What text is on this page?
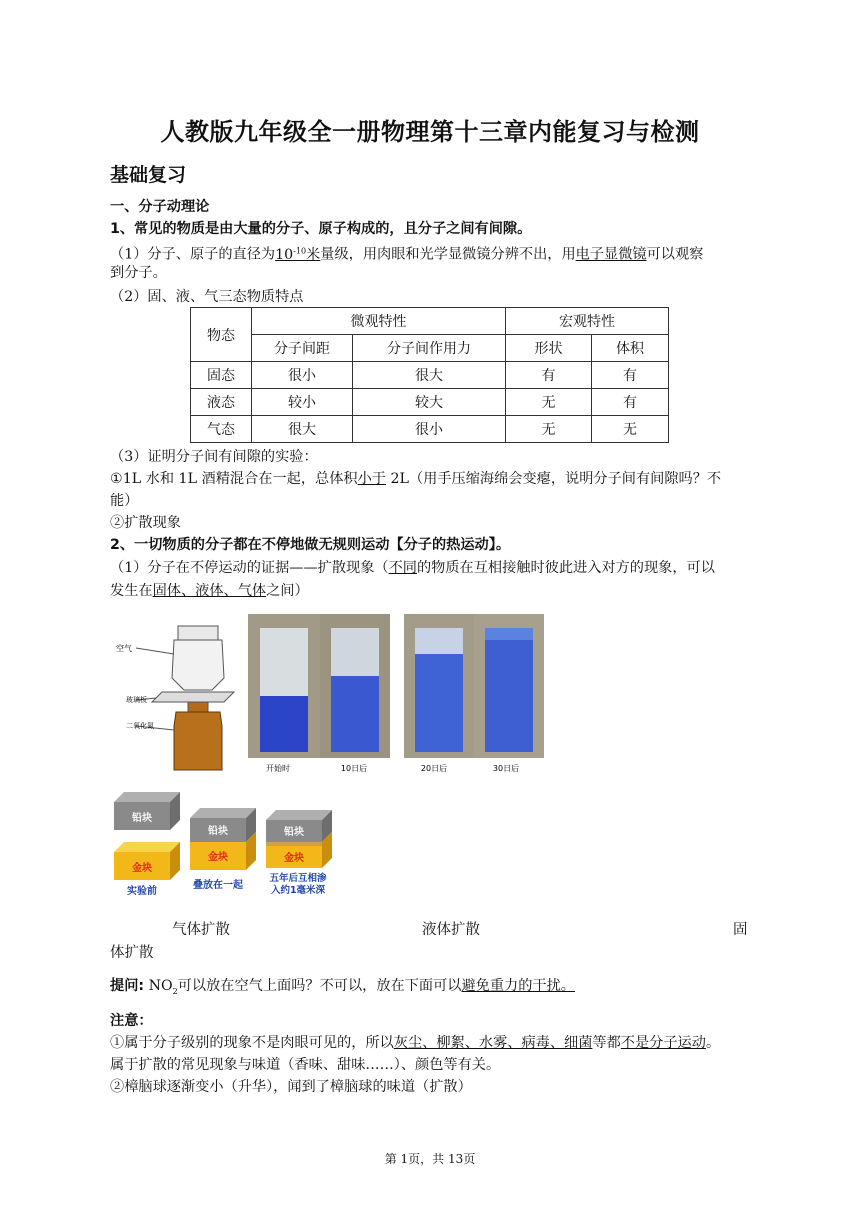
人教版九年级全一册物理第十三章内能复习与检测
基础复习
一、分子动理论
1、常见的物质是由大量的分子、原子构成的，且分子之间有间隙。
（1）分子、原子的直径为$10^{-10}$米量级，用肉眼和光学显微镜分辨不出，用电子显微镜可以观察
到分子。
（2）固、液、气三态物质特点
物态	微观特性		宏观特性	
	分子间距	分子间作用力	形状	体积
固态	很小	很大	有	有
液态	较小	较大	无	有
气态	很大	很小	无	无
（3）证明分子间有间隙的实验：
①1L 水和 1L 酒精混合在一起，总体积小于 2L（用手压缩海绵会变瘪，说明分子间有间隙吗？不
能）
②扩散现象
2、一切物质的分子都在不停地做无规则运动【分子的热运动】。
（1）分子在不停运动的证据——扩散现象（不同的物质在互相接触时彼此进入对方的现象，可以
发生在固体、液体、气体之间）
空气
玻璃板
二氧化氮
开始时	10日后	20日后	30日后
铅块
金块
实验前
铅块
金块
叠放在一起
铅块
金块
五年后互相渗
入约1毫米深
气体扩散	液体扩散	固
体扩散
提问: $NO_2$可以放在空气上面吗？不可以，放在下面可以避免重力的干扰。
注意：
①属于分子级别的现象不是肉眼可见的，所以灰尘、柳絮、水雾、病毒、细菌等都不是分子运动。
属于扩散的常见现象与味道（香味、甜味……）、颜色等有关。
②樟脑球逐渐变小（升华），闻到了樟脑球的味道（扩散）
第 1页，共 13页
